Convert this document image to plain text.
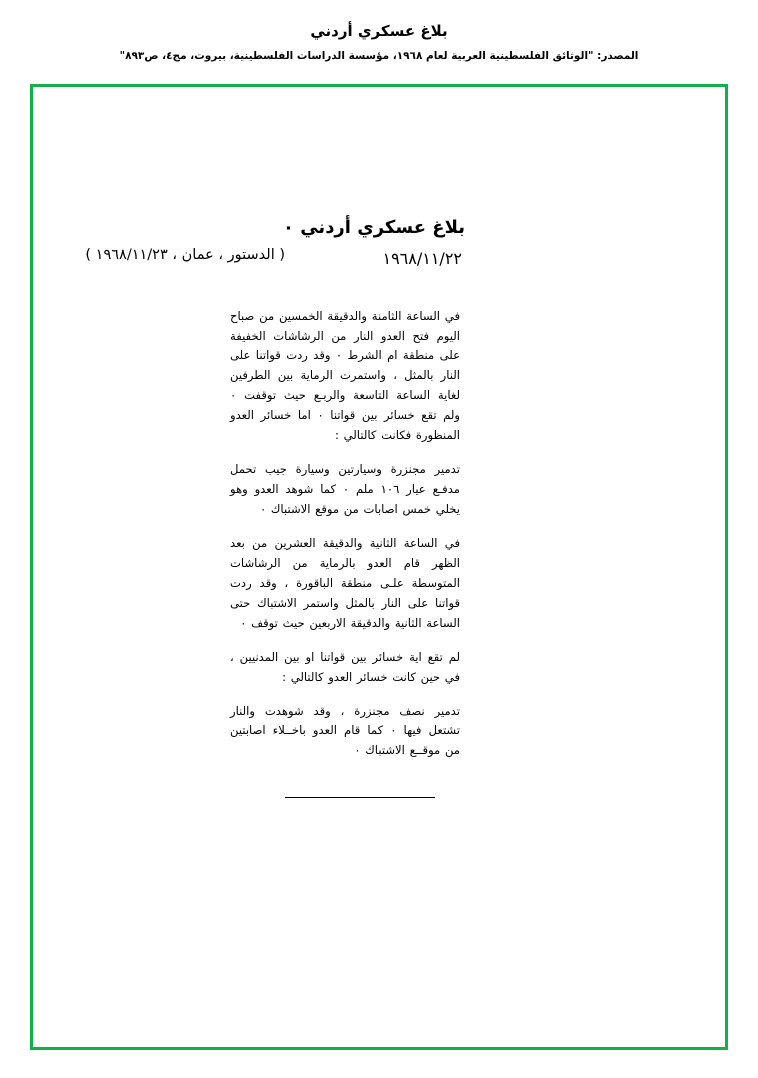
بلاغ عسكري أردني
المصدر: "الوثائق الفلسطينية العربية لعام ١٩٦٨، مؤسسة الدراسات الفلسطينية، بيروت، مج٤، ص٨٩٣"
بلاغ عسكري أردني ٠
١٩٦٨/١١/٢٢
( الدستور ، عمان ، ١٩٦٨/١١/٢٣ )

في الساعة الثامنة والدقيقة الخمسين من صباح اليوم فتح العدو النار من الرشاشات الخفيفة على منطقة ام الشرط ٠ وقد ردت قواتنا على النار بالمثل ، واستمرت الرماية بين الطرفين لغاية الساعة التاسعة والربـع حيث توقفت ٠ ولم تقع خسائر بين قواتنا ٠ اما خسائر العدو المنظورة فكانت كالتالي :

تدمير مجنزرة وسيارتين وسيارة جيب تحمل مدفـع عيار ١٠٦ ملم ٠ كما شوهد العدو وهو يخلي خمس اصابات من موقع الاشتباك ٠

في الساعة الثانية والدقيقة العشرين من بعد الظهر قام العدو بالرماية من الرشاشات المتوسطة علـى منطقة الباقورة ، وقد ردت قواتنا على النار بالمثل واستمر الاشتباك حتى الساعة الثانية والدقيقة الاربعين حيث توقف ٠

لم تقع اية خسائر بين قواتنا او بين المدنيين ، في حين كانت خسائر العدو كالتالي :

تدمير نصف مجنزرة ، وقد شوهدت والنار تشتعل فيها ٠ كما قام العدو باخــلاء اصابتين من موقــع الاشتباك ٠
